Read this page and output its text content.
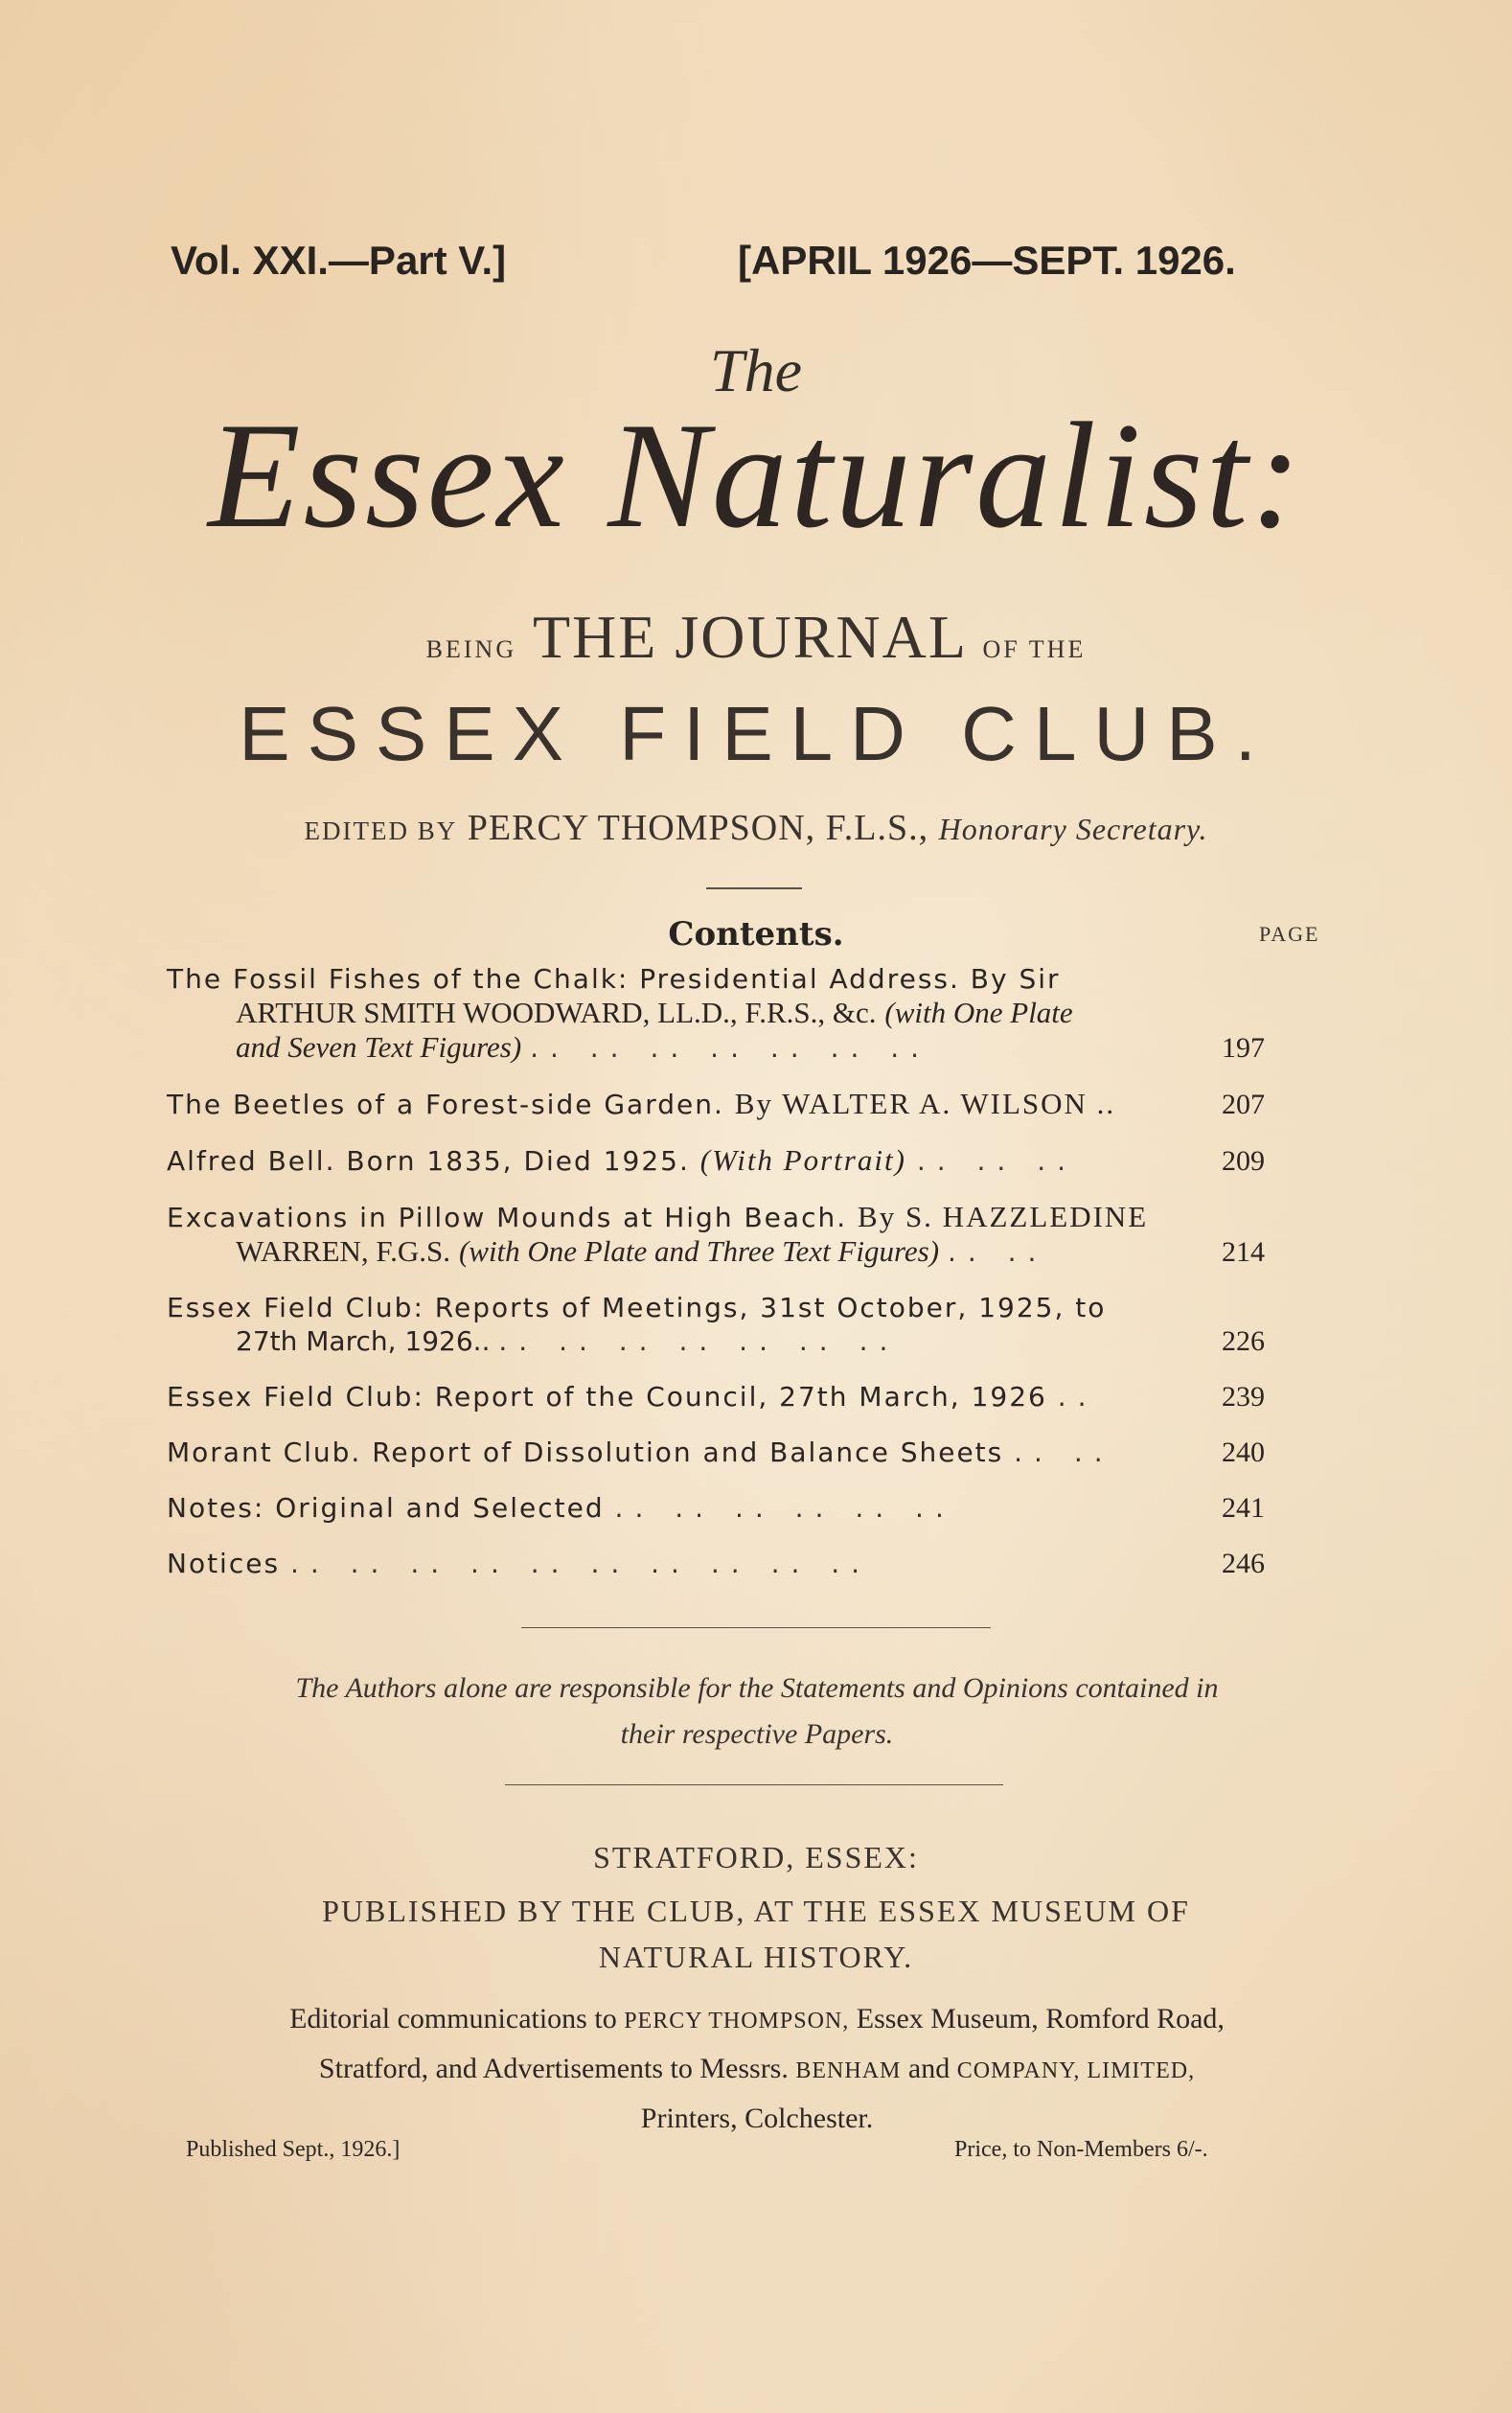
Vol. XXI.—Part V.]	[APRIL 1926—SEPT. 1926.
The
Essex Naturalist:
BEING THE JOURNAL OF THE
ESSEX FIELD CLUB.
EDITED BY PERCY THOMPSON, F.L.S., Honorary Secretary.
Contents.	PAGE
The Fossil Fishes of the Chalk: Presidential Address. By Sir
ARTHUR SMITH WOODWARD, LL.D., F.R.S., &c. (with One Plate
and Seven Text Figures) .. .. .. .. .. .. ..	197
The Beetles of a Forest-side Garden. By WALTER A. WILSON ..	207
Alfred Bell. Born 1835, Died 1925. (With Portrait) .. .. ..	209
Excavations in Pillow Mounds at High Beach. By S. HAZZLEDINE
WARREN, F.G.S. (with One Plate and Three Text Figures) .. ..	214
Essex Field Club: Reports of Meetings, 31st October, 1925, to
27th March, 1926.. .. .. .. .. .. .. ..	226
Essex Field Club: Report of the Council, 27th March, 1926 ..	239
Morant Club. Report of Dissolution and Balance Sheets .. ..	240
Notes: Original and Selected .. .. .. .. .. ..	241
Notices .. .. .. .. .. .. .. .. .. ..	246
The Authors alone are responsible for the Statements and Opinions contained in
their respective Papers.
STRATFORD, ESSEX:
PUBLISHED BY THE CLUB, AT THE ESSEX MUSEUM OF
NATURAL HISTORY.
Editorial communications to PERCY THOMPSON, Essex Museum, Romford Road,
Stratford, and Advertisements to Messrs. BENHAM and COMPANY, LIMITED,
Printers, Colchester.
Published Sept., 1926.]	Price, to Non-Members 6/-.
